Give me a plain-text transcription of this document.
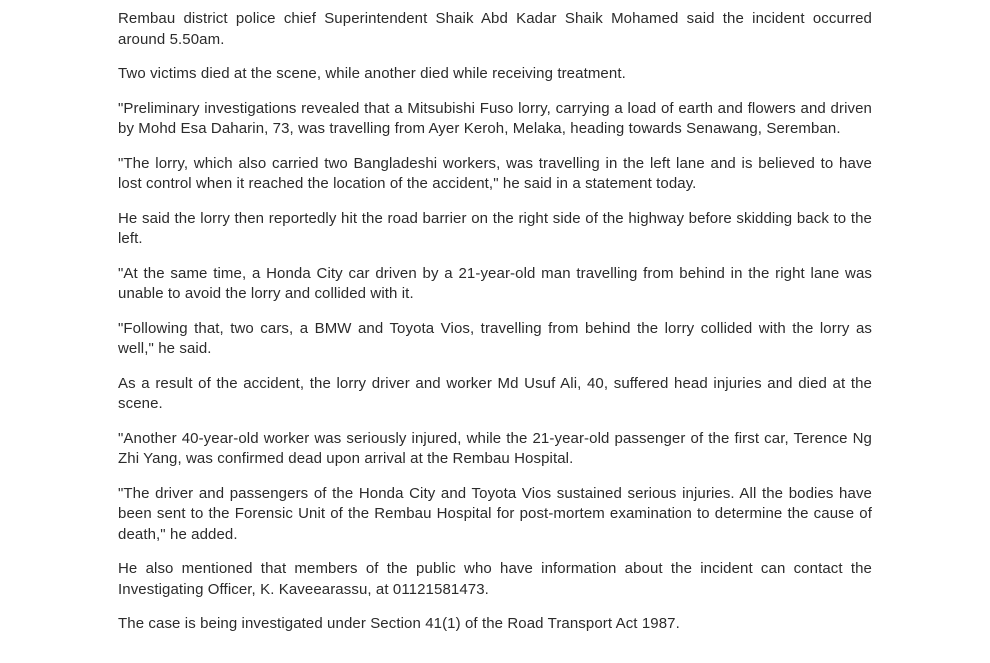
Rembau district police chief Superintendent Shaik Abd Kadar Shaik Mohamed said the incident occurred around 5.50am.

Two victims died at the scene, while another died while receiving treatment.

"Preliminary investigations revealed that a Mitsubishi Fuso lorry, carrying a load of earth and flowers and driven by Mohd Esa Daharin, 73, was travelling from Ayer Keroh, Melaka, heading towards Senawang, Seremban.

"The lorry, which also carried two Bangladeshi workers, was travelling in the left lane and is believed to have lost control when it reached the location of the accident," he said in a statement today.

He said the lorry then reportedly hit the road barrier on the right side of the highway before skidding back to the left.

"At the same time, a Honda City car driven by a 21-year-old man travelling from behind in the right lane was unable to avoid the lorry and collided with it.

"Following that, two cars, a BMW and Toyota Vios, travelling from behind the lorry collided with the lorry as well," he said.

As a result of the accident, the lorry driver and worker Md Usuf Ali, 40, suffered head injuries and died at the scene.

"Another 40-year-old worker was seriously injured, while the 21-year-old passenger of the first car, Terence Ng Zhi Yang, was confirmed dead upon arrival at the Rembau Hospital.

"The driver and passengers of the Honda City and Toyota Vios sustained serious injuries. All the bodies have been sent to the Forensic Unit of the Rembau Hospital for post-mortem examination to determine the cause of death," he added.

He also mentioned that members of the public who have information about the incident can contact the Investigating Officer, K. Kaveearassu, at 01121581473.

The case is being investigated under Section 41(1) of the Road Transport Act 1987.
